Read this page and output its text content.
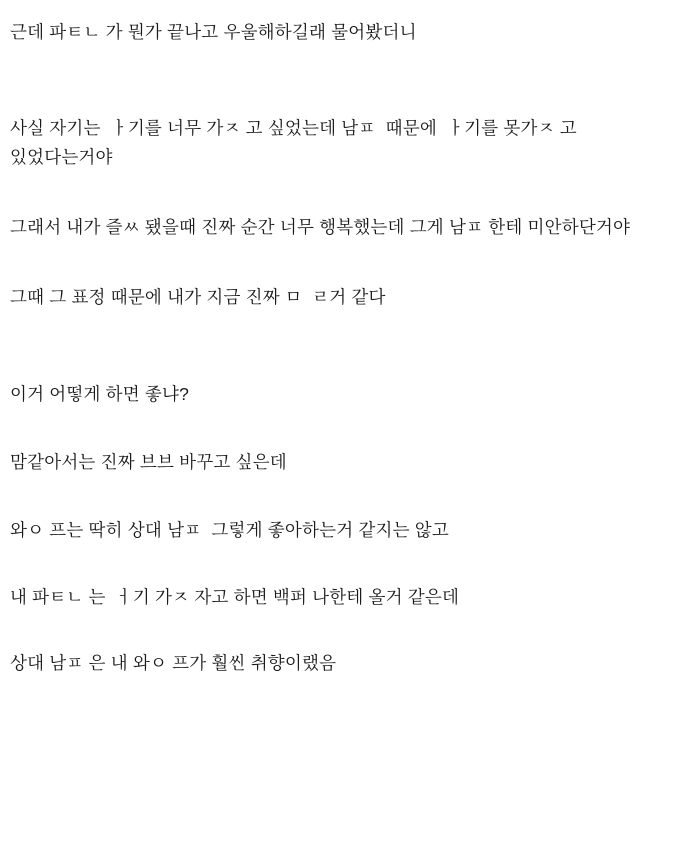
근데 파ㅌㄴ 가 뭔가 끝나고 우울해하길래 물어봤더니

사실 자기는  ㅏ기를 너무 가ㅈ 고 싶었는데 남ㅍ  때문에  ㅏ기를 못가ㅈ 고 있었다는거야

그래서 내가 즐ㅆ 됐을때 진짜 순간 너무 행복했는데 그게 남ㅍ 한테 미안하단거야

그때 그 표정 때문에 내가 지금 진짜 ㅁ  ㄹ거 같다

이거 어떻게 하면 좋냐?

맘같아서는 진짜 브브 바꾸고 싶은데

와ㅇ 프는 딱히 상대 남ㅍ  그렇게 좋아하는거 같지는 않고

내 파ㅌㄴ 는  ㅓ기 가ㅈ 자고 하면 백퍼 나한테 올거 같은데

상대 남ㅍ 은 내 와ㅇ 프가 훨씬 취향이랬음
